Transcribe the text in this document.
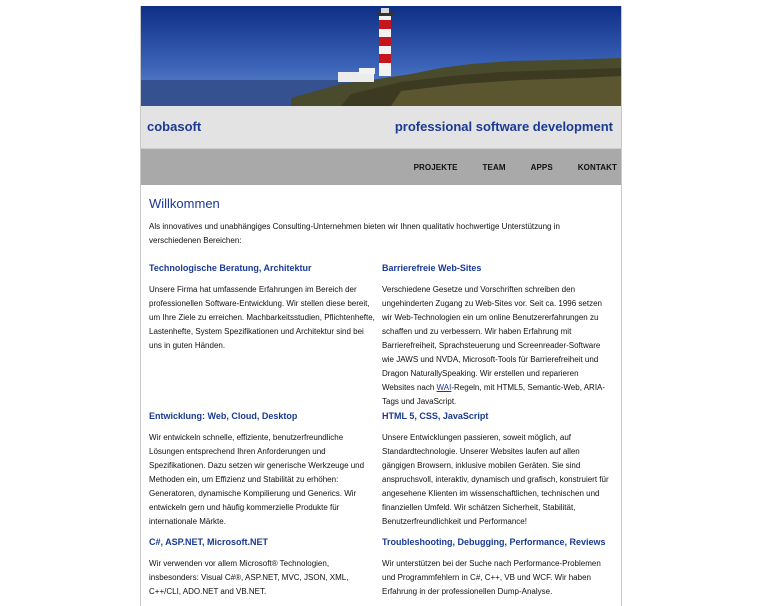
cobasoft	professional software development
PROJEKTE	TEAM	APPS	KONTAKT
Willkommen
Als innovatives und unabhängiges Consulting-Unternehmen bieten wir Ihnen qualitativ hochwertige Unterstützung in verschiedenen Bereichen:
Technologische Beratung, Architektur

Unsere Firma hat umfassende Erfahrungen im Bereich der professionellen Software-Entwicklung. Wir stellen diese bereit, um Ihre Ziele zu erreichen. Machbarkeitsstudien, Pflichtenhefte, Lastenhefte, System Spezifikationen und Architektur sind bei uns in guten Händen.

Entwicklung: Web, Cloud, Desktop

Wir entwickeln schnelle, effiziente, benutzerfreundliche Lösungen entsprechend Ihren Anforderungen und Spezifikationen. Dazu setzen wir generische Werkzeuge und Methoden ein, um Effizienz und Stabilität zu erhöhen: Generatoren, dynamische Kompilierung und Generics. Wir entwickeln gern und häufig kommerzielle Produkte für internationale Märkte.

C#, ASP.NET, Microsoft.NET

Wir verwenden vor allem Microsoft® Technologien, insbesonders: Visual C#®, ASP.NET, MVC, JSON, XML, C++/CLI, ADO.NET and VB.NET.

Barrierefreie Web-Sites

Verschiedene Gesetze und Vorschriften schreiben den ungehinderten Zugang zu Web-Sites vor. Seit ca. 1996 setzen wir Web-Technologien ein um online Benutzererfahrungen zu schaffen und zu verbessern. Wir haben Erfahrung mit Barrierefreiheit, Sprachsteuerung und Screenreader-Software wie JAWS und NVDA, Microsoft-Tools für Barrierefreiheit und Dragon NaturallySpeaking. Wir erstellen und reparieren Websites nach WAI-Regeln, mit HTML5, Semantic-Web, ARIA-Tags und JavaScript.

HTML 5, CSS, JavaScript

Unsere Entwicklungen passieren, soweit möglich, auf Standardtechnologie. Unserer Websites laufen auf allen gängigen Browsern, inklusive mobilen Geräten. Sie sind anspruchsvoll, interaktiv, dynamisch und grafisch, konstruiert für angesehene Klienten im wissenschaftlichen, technischen und finanziellen Umfeld. Wir schätzen Sicherheit, Stabilität, Benutzerfreundlichkeit und Performance!

Troubleshooting, Debugging, Performance, Reviews

Wir unterstützen bei der Suche nach Performance-Problemen und Programmfehlern in C#, C++, VB und WCF. Wir haben Erfahrung in der professionellen Dump-Analyse.
